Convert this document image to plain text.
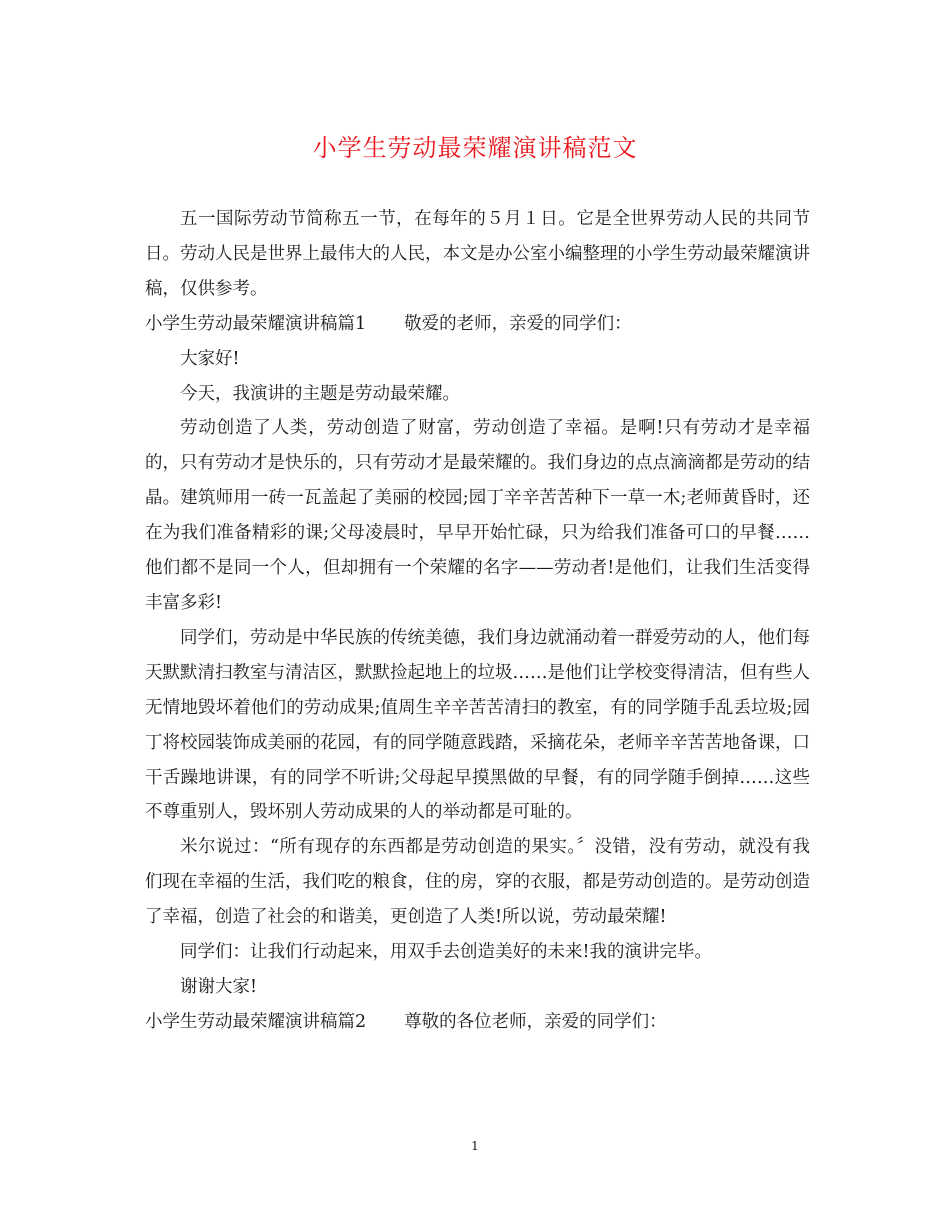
小学生劳动最荣耀演讲稿范文

五一国际劳动节简称五一节，在每年的５月１日。它是全世界劳动人民的共同节日。劳动人民是世界上最伟大的人民，本文是办公室小编整理的小学生劳动最荣耀演讲稿，仅供参考。

小学生劳动最荣耀演讲稿篇1 敬爱的老师，亲爱的同学们：

大家好!

今天，我演讲的主题是劳动最荣耀。

劳动创造了人类，劳动创造了财富，劳动创造了幸福。是啊!只有劳动才是幸福的，只有劳动才是快乐的，只有劳动才是最荣耀的。我们身边的点点滴滴都是劳动的结晶。建筑师用一砖一瓦盖起了美丽的校园;园丁辛辛苦苦种下一草一木;老师黄昏时，还在为我们准备精彩的课;父母凌晨时，早早开始忙碌，只为给我们准备可口的早餐……他们都不是同一个人，但却拥有一个荣耀的名字——劳动者!是他们，让我们生活变得丰富多彩!

同学们，劳动是中华民族的传统美德，我们身边就涌动着一群爱劳动的人，他们每天默默清扫教室与清洁区，默默捡起地上的垃圾……是他们让学校变得清洁，但有些人无情地毁坏着他们的劳动成果;值周生辛辛苦苦清扫的教室，有的同学随手乱丢垃圾;园丁将校园装饰成美丽的花园，有的同学随意践踏，采摘花朵，老师辛辛苦苦地备课，口干舌躁地讲课，有的同学不听讲;父母起早摸黑做的早餐，有的同学随手倒掉……这些不尊重别人，毁坏别人劳动成果的人的举动都是可耻的。

米尔说过：“所有现存的东西都是劳动创造的果实。〞没错，没有劳动，就没有我们现在幸福的生活，我们吃的粮食，住的房，穿的衣服，都是劳动创造的。是劳动创造了幸福，创造了社会的和谐美，更创造了人类!所以说，劳动最荣耀!

同学们：让我们行动起来，用双手去创造美好的未来!我的演讲完毕。

谢谢大家!

小学生劳动最荣耀演讲稿篇2 尊敬的各位老师，亲爱的同学们：

1
